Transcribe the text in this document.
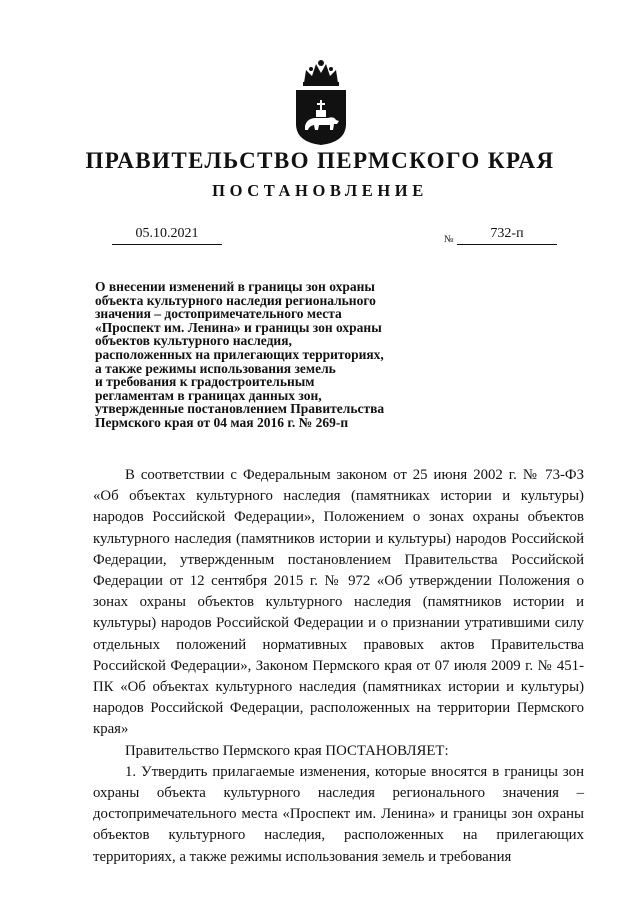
ПРАВИТЕЛЬСТВО ПЕРМСКОГО КРАЯ
ПОСТАНОВЛЕНИЕ
05.10.2021	№	732-п
О внесении изменений в границы зон охраны
объекта культурного наследия регионального
значения – достопримечательного места
«Проспект им. Ленина» и границы зон охраны
объектов культурного наследия,
расположенных на прилегающих территориях,
а также режимы использования земель
и требования к градостроительным
регламентам в границах данных зон,
утвержденные постановлением Правительства
Пермского края от 04 мая 2016 г. № 269-п

В соответствии с Федеральным законом от 25 июня 2002 г. № 73-ФЗ «Об объектах культурного наследия (памятниках истории и культуры) народов Российской Федерации», Положением о зонах охраны объектов культурного наследия (памятников истории и культуры) народов Российской Федерации, утвержденным постановлением Правительства Российской Федерации от 12 сентября 2015 г. № 972 «Об утверждении Положения о зонах охраны объектов культурного наследия (памятников истории и культуры) народов Российской Федерации и о признании утратившими силу отдельных положений нормативных правовых актов Правительства Российской Федерации», Законом Пермского края от 07 июля 2009 г. № 451-ПК «Об объектах культурного наследия (памятниках истории и культуры) народов Российской Федерации, расположенных на территории Пермского края»

Правительство Пермского края ПОСТАНОВЛЯЕТ:

1. Утвердить прилагаемые изменения, которые вносятся в границы зон охраны объекта культурного наследия регионального значения – достопримечательного места «Проспект им. Ленина» и границы зон охраны объектов культурного наследия, расположенных на прилегающих территориях, а также режимы использования земель и требования
